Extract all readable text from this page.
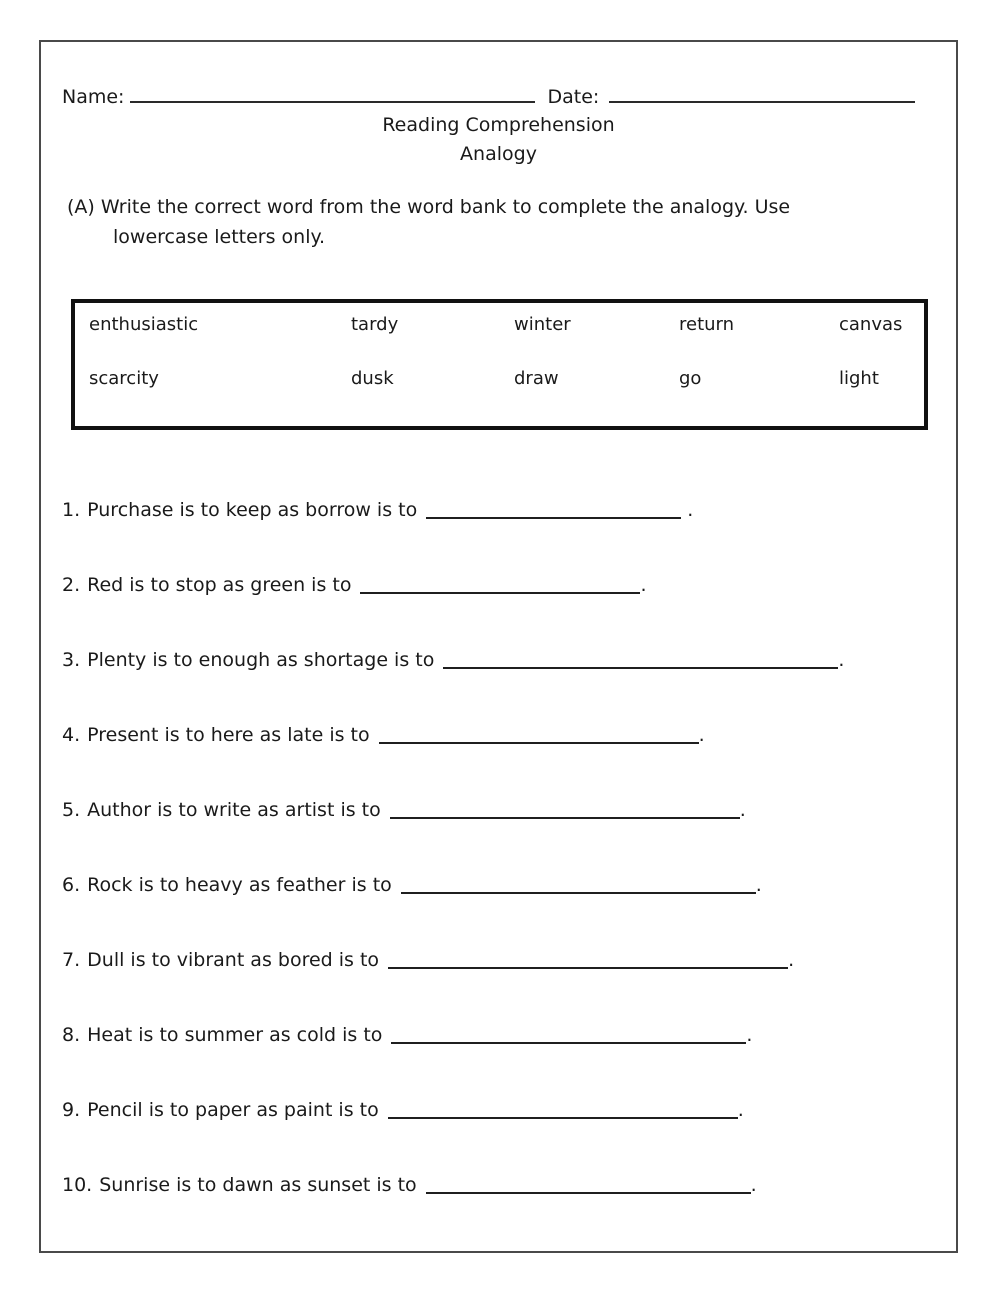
Name:	Date:
Reading Comprehension
Analogy
(A) Write the correct word from the word bank to complete the analogy. Use
lowercase letters only.
enthusiastic	tardy	winter	return	canvas
scarcity	dusk	draw	go	light
1. Purchase is to keep as borrow is to	.
2. Red is to stop as green is to	.
3. Plenty is to enough as shortage is to	.
4. Present is to here as late is to	.
5. Author is to write as artist is to	.
6. Rock is to heavy as feather is to	.
7. Dull is to vibrant as bored is to	.
8. Heat is to summer as cold is to	.
9. Pencil is to paper as paint is to	.
10. Sunrise is to dawn as sunset is to	.
